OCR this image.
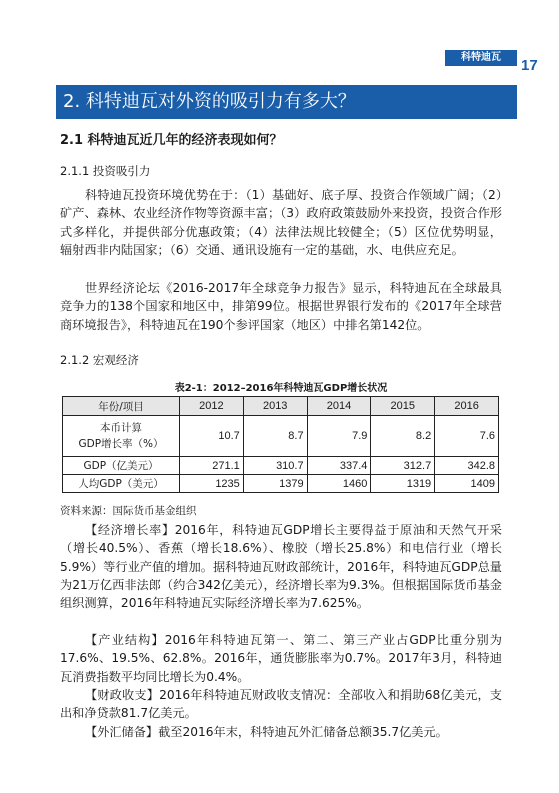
科特迪瓦	17
2. 科特迪瓦对外资的吸引力有多大？
2.1 科特迪瓦近几年的经济表现如何？
2.1.1 投资吸引力

科特迪瓦投资环境优势在于：（1）基础好、底子厚、投资合作领域广阔；（2）矿产、森林、农业经济作物等资源丰富；（3）政府政策鼓励外来投资，投资合作形式多样化，并提供部分优惠政策；（4）法律法规比较健全；（5）区位优势明显，辐射西非内陆国家；（6）交通、通讯设施有一定的基础，水、电供应充足。

世界经济论坛《2016-2017年全球竞争力报告》显示，科特迪瓦在全球最具竞争力的138个国家和地区中，排第99位。根据世界银行发布的《2017年全球营商环境报告》，科特迪瓦在190个参评国家（地区）中排名第142位。

2.1.2 宏观经济
表2-1：2012–2016年科特迪瓦GDP增长状况
年份/项目	2012	2013	2014	2015	2016
本币计算
GDP增长率（%）	10.7	8.7	7.9	8.2	7.6
GDP（亿美元）	271.1	310.7	337.4	312.7	342.8
人均GDP（美元）	1235	1379	1460	1319	1409
资料来源：国际货币基金组织

【经济增长率】2016年，科特迪瓦GDP增长主要得益于原油和天然气开采（增长40.5%）、香蕉（增长18.6%）、橡胶（增长25.8%）和电信行业（增长5.9%）等行业产值的增加。据科特迪瓦财政部统计，2016年，科特迪瓦GDP总量为21万亿西非法郎（约合342亿美元），经济增长率为9.3%。但根据国际货币基金组织测算，2016年科特迪瓦实际经济增长率为7.625%。

【产业结构】2016年科特迪瓦第一、第二、第三产业占GDP比重分别为17.6%、19.5%、62.8%。2016年，通货膨胀率为0.7%。2017年3月，科特迪瓦消费指数平均同比增长为0.4%。

【财政收支】2016年科特迪瓦财政收支情况：全部收入和捐助68亿美元，支出和净贷款81.7亿美元。

【外汇储备】截至2016年末，科特迪瓦外汇储备总额35.7亿美元。
